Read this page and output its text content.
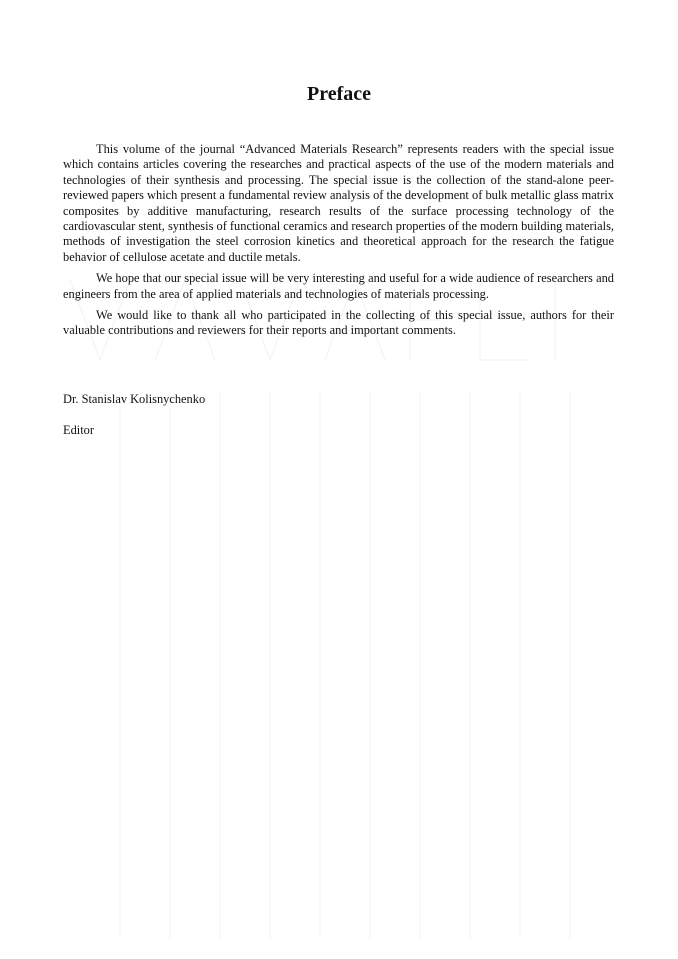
Preface

This volume of the journal “Advanced Materials Research” represents readers with the special issue which contains articles covering the researches and practical aspects of the use of the modern materials and technologies of their synthesis and processing. The special issue is the collection of the stand-alone peer-reviewed papers which present a fundamental review analysis of the development of bulk metallic glass matrix composites by additive manufacturing, research results of the surface processing technology of the cardiovascular stent, synthesis of functional ceramics and research properties of the modern building materials, methods of investigation the steel corrosion kinetics and theoretical approach for the research the fatigue behavior of cellulose acetate and ductile metals.

We hope that our special issue will be very interesting and useful for a wide audience of researchers and engineers from the area of applied materials and technologies of materials processing.

We would like to thank all who participated in the collecting of this special issue, authors for their valuable contributions and reviewers for their reports and important comments.

Dr. Stanislav Kolisnychenko

Editor
